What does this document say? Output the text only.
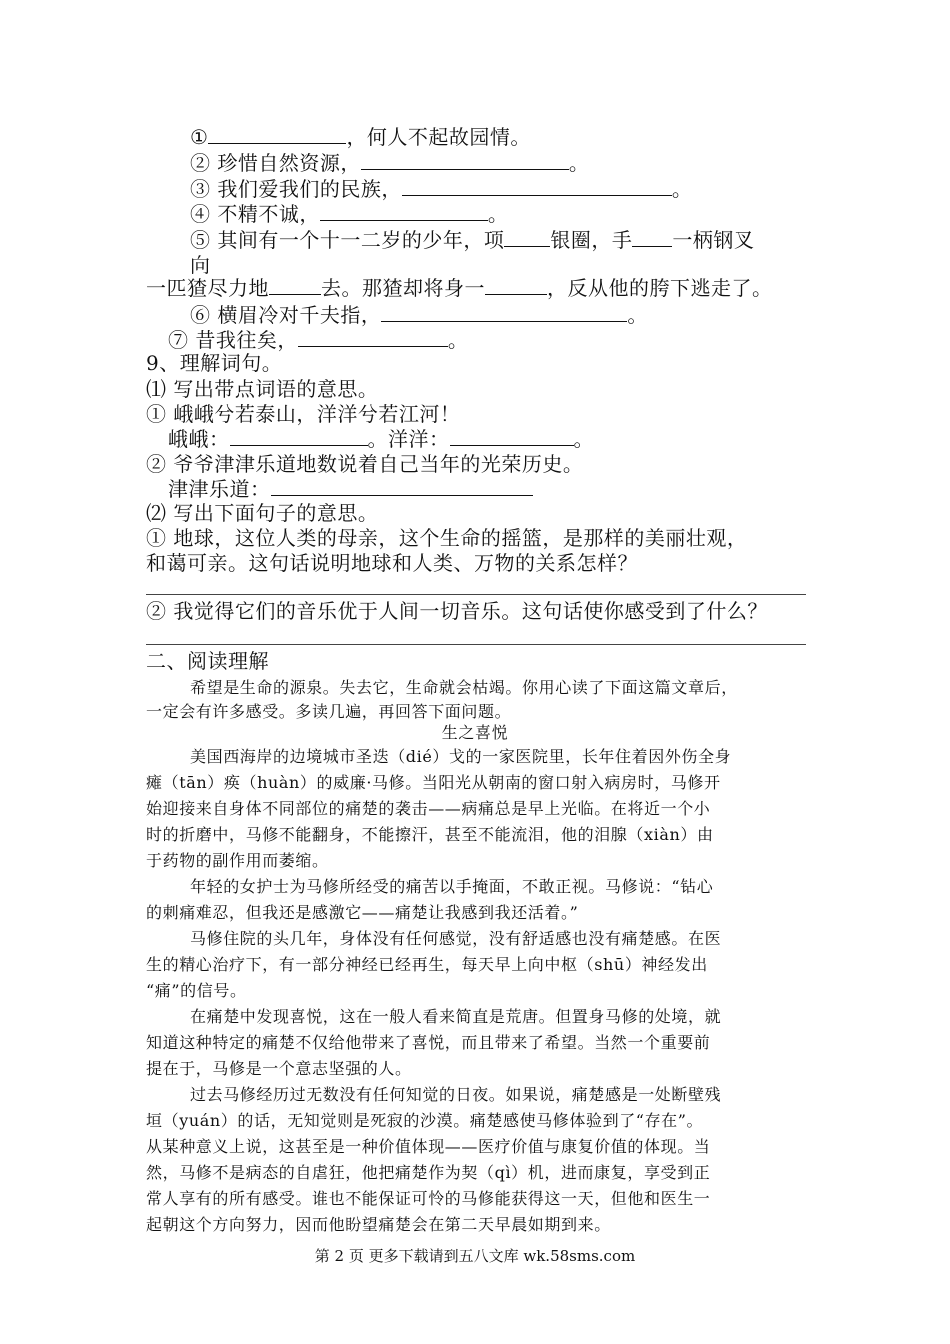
①	，何人不起故园情。
② 珍惜自然资源，	。
③ 我们爱我们的民族，	。
④ 不精不诚，	。
⑤ 其间有一个十一二岁的少年，项 银圈，手 一柄钢叉
向
一匹猹尽力地	去。那猹却将身一	，反从他的胯下逃走了。
⑥ 横眉冷对千夫指，	。
⑦ 昔我往矣，	。
9、理解词句。
⑴ 写出带点词语的意思。
① 峨峨兮若泰山，洋洋兮若江河！
峨峨：	。洋洋：	。
② 爷爷津津乐道地数说着自己当年的光荣历史。
津津乐道：
⑵ 写出下面句子的意思。
① 地球，这位人类的母亲，这个生命的摇篮，是那样的美丽壮观，
和蔼可亲。这句话说明地球和人类、万物的关系怎样？
② 我觉得它们的音乐优于人间一切音乐。这句话使你感受到了什么？
二、阅读理解
希望是生命的源泉。失去它，生命就会枯竭。你用心读了下面这篇文章后，
一定会有许多感受。多读几遍，再回答下面问题。
生之喜悦
美国西海岸的边境城市圣迭（dié）戈的一家医院里，长年住着因外伤全身
瘫（tān）痪（huàn）的威廉·马修。当阳光从朝南的窗口射入病房时，马修开
始迎接来自身体不同部位的痛楚的袭击——病痛总是早上光临。在将近一个小
时的折磨中，马修不能翻身，不能擦汗，甚至不能流泪，他的泪腺（xiàn）由
于药物的副作用而萎缩。
年轻的女护士为马修所经受的痛苦以手掩面，不敢正视。马修说：“钻心
的刺痛难忍，但我还是感激它——痛楚让我感到我还活着。”
马修住院的头几年，身体没有任何感觉，没有舒适感也没有痛楚感。在医
生的精心治疗下，有一部分神经已经再生，每天早上向中枢（shū）神经发出
“痛”的信号。
在痛楚中发现喜悦，这在一般人看来简直是荒唐。但置身马修的处境，就
知道这种特定的痛楚不仅给他带来了喜悦，而且带来了希望。当然一个重要前
提在于，马修是一个意志坚强的人。
过去马修经历过无数没有任何知觉的日夜。如果说，痛楚感是一处断壁残
垣（yuán）的话，无知觉则是死寂的沙漠。痛楚感使马修体验到了“存在”。
从某种意义上说，这甚至是一种价值体现——医疗价值与康复价值的体现。当
然，马修不是病态的自虐狂，他把痛楚作为契（qì）机，进而康复，享受到正
常人享有的所有感受。谁也不能保证可怜的马修能获得这一天，但他和医生一
起朝这个方向努力，因而他盼望痛楚会在第二天早晨如期到来。
第 2 页 更多下载请到五八文库 wk.58sms.com
